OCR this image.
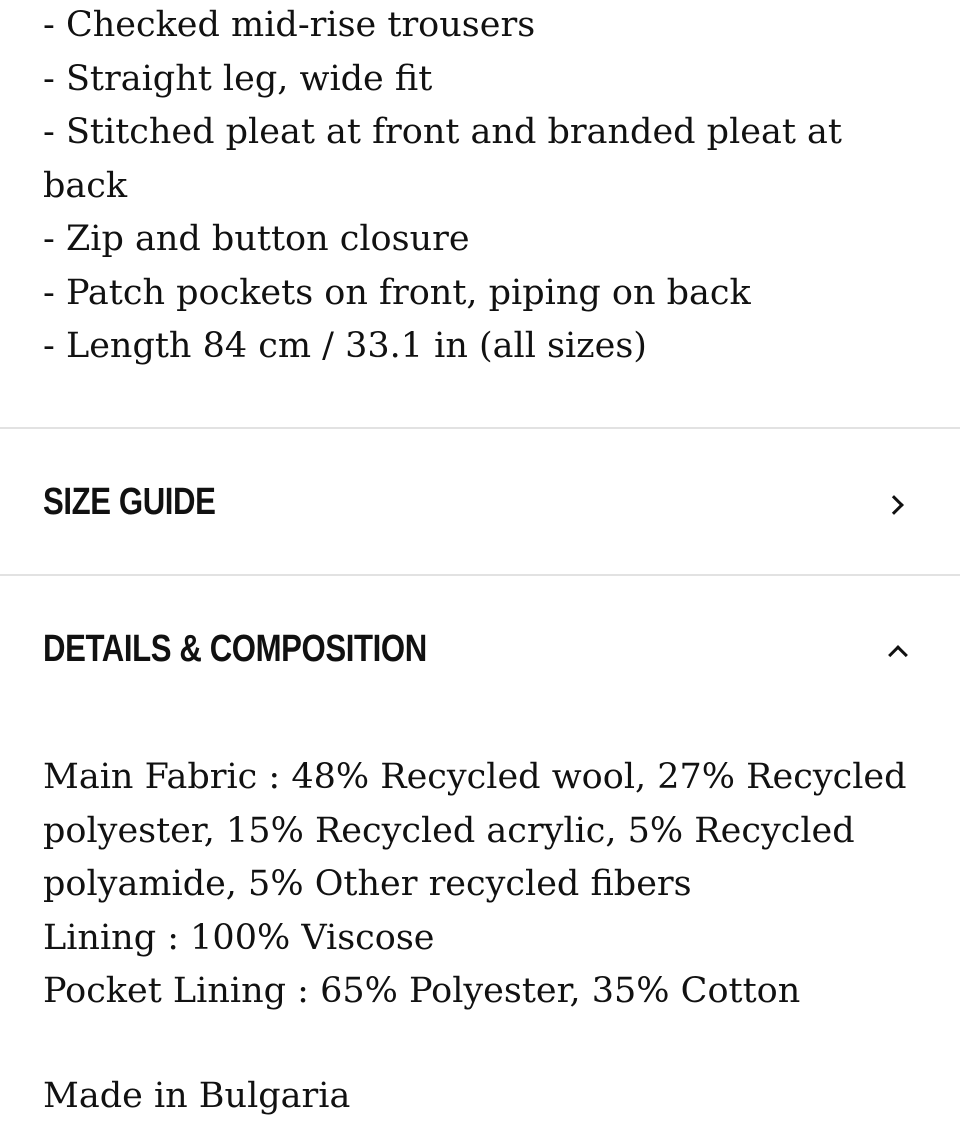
- Checked mid-rise trousers
- Straight leg, wide fit
- Stitched pleat at front and branded pleat at back
- Zip and button closure
- Patch pockets on front, piping on back
- Length 84 cm / 33.1 in (all sizes)
SIZE GUIDE
DETAILS & COMPOSITION

Main Fabric : 48% Recycled wool, 27% Recycled polyester, 15% Recycled acrylic, 5% Recycled polyamide, 5% Other recycled fibers

Lining : 100% Viscose

Pocket Lining : 65% Polyester, 35% Cotton

Made in Bulgaria
